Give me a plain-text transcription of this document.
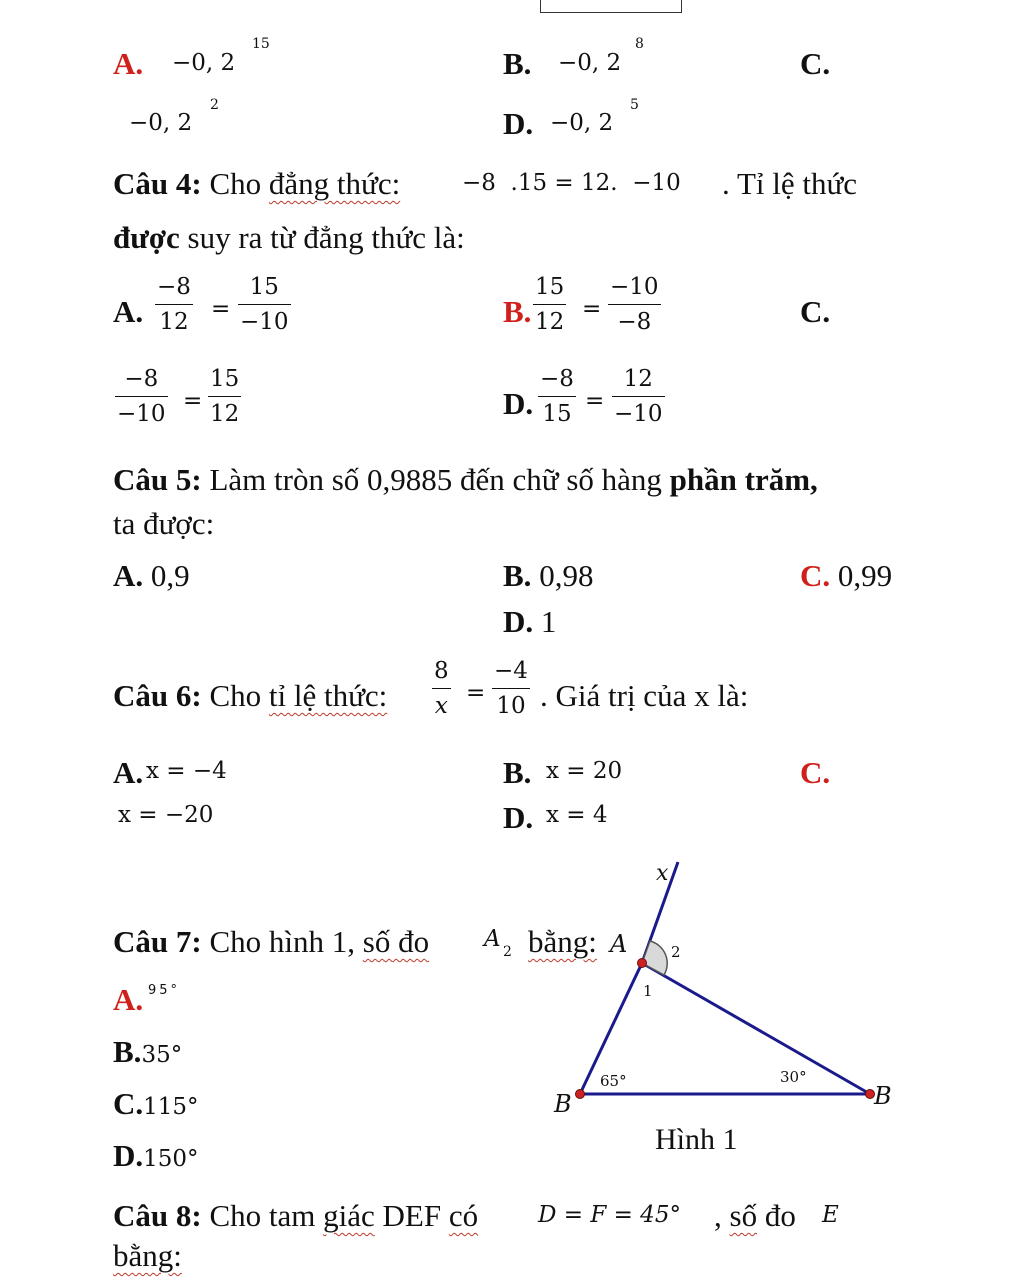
A. −0, 2
15
B. −0, 2
8
C.
−0, 2
2
D. −0, 2
5
Câu 4: Cho đẳng thức:	−8  .15 = 12.  −10 . Tỉ lệ thức
được suy ra từ đẳng thức là:
A. $\frac{-8}{12} = \frac{15}{-10}$	B. $\frac{15}{12} = \frac{-10}{-8}$	C.
$\frac{-8}{-10} = \frac{15}{12}$	D. $\frac{-8}{15} = \frac{12}{-10}$
Câu 5: Làm tròn số 0,9885 đến chữ số hàng phần trăm,
ta được:
A. 0,9	B. 0,98	C. 0,99
D. 1
Câu 6: Cho tỉ lệ thức: $\frac{8}{x} = \frac{-4}{10}$ . Giá trị của x là:
A. x = −4	B. x = 20	C.
x = −20	D. x = 4
Câu 7: Cho hình 1, số đo A 2 bằng:
A. 95°
B.35°
C.115°
D.150°
x
A	2
1
65°	30°
B	B
Hình 1
Câu 8: Cho tam giác DEF có	D = F = 45° , số đo E
bằng:
